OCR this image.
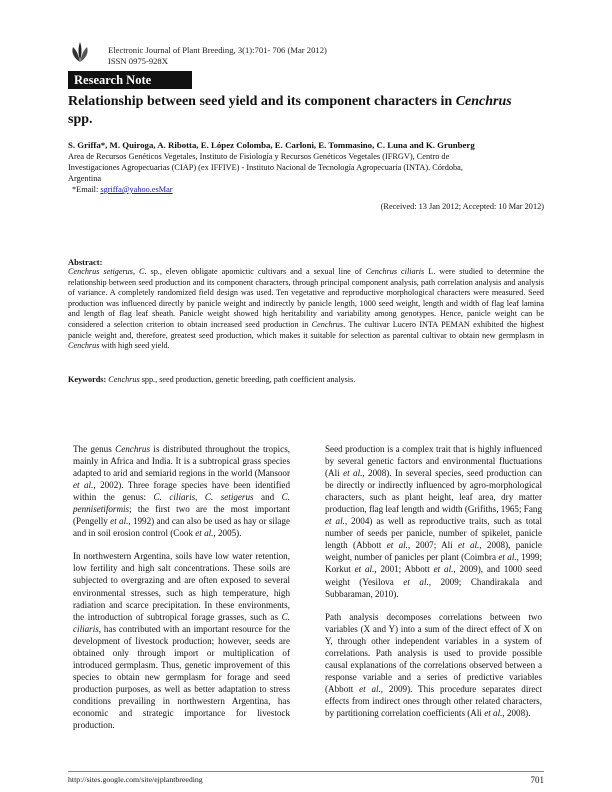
Electronic Journal of Plant Breeding, 3(1):701- 706 (Mar 2012)
ISSN 0975-928X
Research Note
Relationship between seed yield and its component characters in Cenchrus
spp.
S. Griffa*, M. Quiroga, A. Ribotta, E. López Colomba, E. Carloni, E. Tommasino, C. Luna and K. Grunberg
Area de Recursos Genéticos Vegetales, Instituto de Fisiología y Recursos Genéticos Vegetales (IFRGV), Centro de
Investigaciones Agropecuarias (CIAP) (ex IFFIVE) - Instituto Nacional de Tecnología Agropecuaria (INTA). Córdoba,
Argentina
*Email: sgriffa@yahoo.esMar
(Received: 13 Jan 2012; Accepted: 10 Mar 2012)
Abstract:
Cenchrus setigerus, C. sp., eleven obligate apomictic cultivars and a sexual line of Cenchrus ciliaris L. were studied to determine the relationship between seed production and its component characters, through principal component analysis, path correlation analysis and analysis of variance. A completely randomized field design was used. Ten vegetative and reproductive morphological characters were measured. Seed production was influenced directly by panicle weight and indirectly by panicle length, 1000 seed weight, length and width of flag leaf lamina and length of flag leaf sheath. Panicle weight showed high heritability and variability among genotypes. Hence, panicle weight can be considered a selection criterion to obtain increased seed production in Cenchrus. The cultivar Lucero INTA PEMAN exhibited the highest panicle weight and, therefore, greatest seed production, which makes it suitable for selection as parental cultivar to obtain new germplasm in Cenchrus with high seed yield.
Keywords: Cenchrus spp., seed production, genetic breeding, path coefficient analysis.

The genus Cenchrus is distributed throughout the tropics, mainly in Africa and India. It is a subtropical grass species adapted to arid and semiarid regions in the world (Mansoor et al., 2002). Three forage species have been identified within the genus: C. ciliaris, C. setigerus and C. pennisetiformis; the first two are the most important (Pengelly et al., 1992) and can also be used as hay or silage and in soil erosion control (Cook et al., 2005).

In northwestern Argentina, soils have low water retention, low fertility and high salt concentrations. These soils are subjected to overgrazing and are often exposed to several environmental stresses, such as high temperature, high radiation and scarce precipitation. In these environments, the introduction of subtropical forage grasses, such as C. ciliaris, has contributed with an important resource for the development of livestock production; however, seeds are obtained only through import or multiplication of introduced germplasm. Thus, genetic improvement of this species to obtain new germplasm for forage and seed production purposes, as well as better adaptation to stress conditions prevailing in northwestern Argentina, has economic and strategic importance for livestock production.

Seed production is a complex trait that is highly influenced by several genetic factors and environmental fluctuations (Ali et al., 2008). In several species, seed production can be directly or indirectly influenced by agro-morphological characters, such as plant height, leaf area, dry matter production, flag leaf length and width (Grifiths, 1965; Fang et al., 2004) as well as reproductive traits, such as total number of seeds per panicle, number of spikelet, panicle length (Abbott et al., 2007; Ali et al., 2008), panicle weight, number of panicles per plant (Coimbra et al., 1999; Korkut et al., 2001; Abbott et al., 2009), and 1000 seed weight (Yesilova et al., 2009; Chandirakala and Subbaraman, 2010).

Path analysis decomposes correlations between two variables (X and Y) into a sum of the direct effect of X on Y, through other independent variables in a system of correlations. Path analysis is used to provide possible causal explanations of the correlations observed between a response variable and a series of predictive variables (Abbott et al., 2009). This procedure separates direct effects from indirect ones through other related characters, by partitioning correlation coefficients (Ali et al., 2008).

http://sites.google.com/site/ejplantbreeding	701
